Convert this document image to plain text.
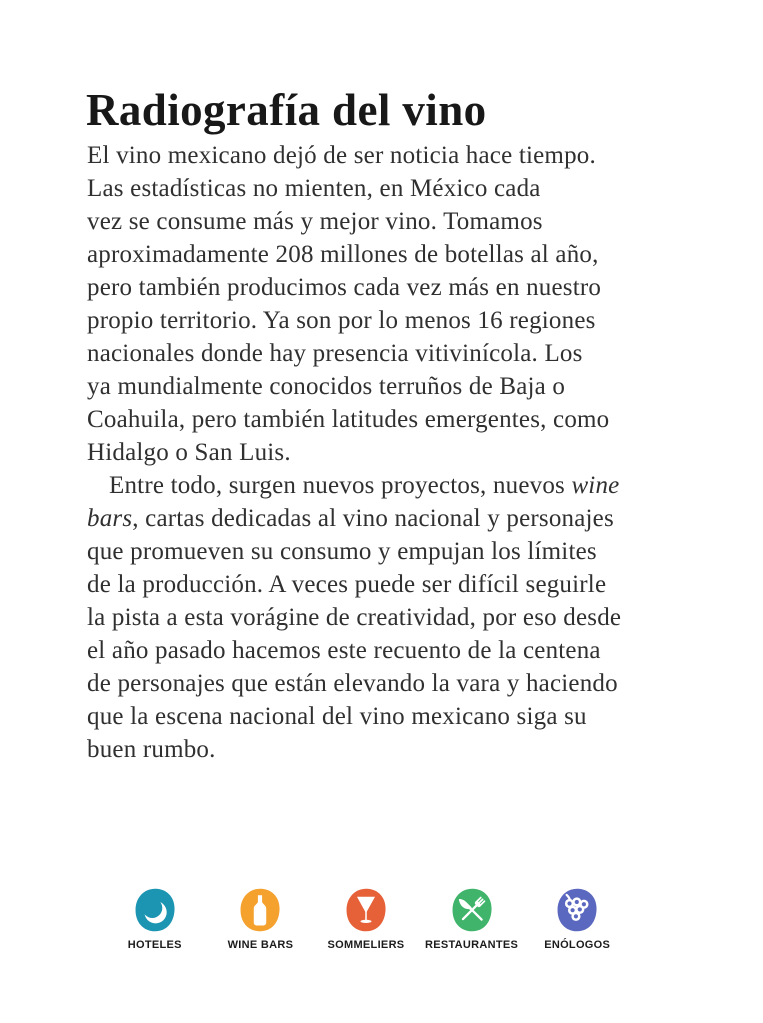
Radiografía del vino
El vino mexicano dejó de ser noticia hace tiempo.
Las estadísticas no mienten, en México cada
vez se consume más y mejor vino. Tomamos
aproximadamente 208 millones de botellas al año,
pero también producimos cada vez más en nuestro
propio territorio. Ya son por lo menos 16 regiones
nacionales donde hay presencia vitivinícola. Los
ya mundialmente conocidos terruños de Baja o
Coahuila, pero también latitudes emergentes, como
Hidalgo o San Luis.
Entre todo, surgen nuevos proyectos, nuevos wine
bars, cartas dedicadas al vino nacional y personajes
que promueven su consumo y empujan los límites
de la producción. A veces puede ser difícil seguirle
la pista a esta vorágine de creatividad, por eso desde
el año pasado hacemos este recuento de la centena
de personajes que están elevando la vara y haciendo
que la escena nacional del vino mexicano siga su
buen rumbo.
HOTELES	WINE BARS	SOMMELIERS RESTAURANTES ENÓLOGOS
